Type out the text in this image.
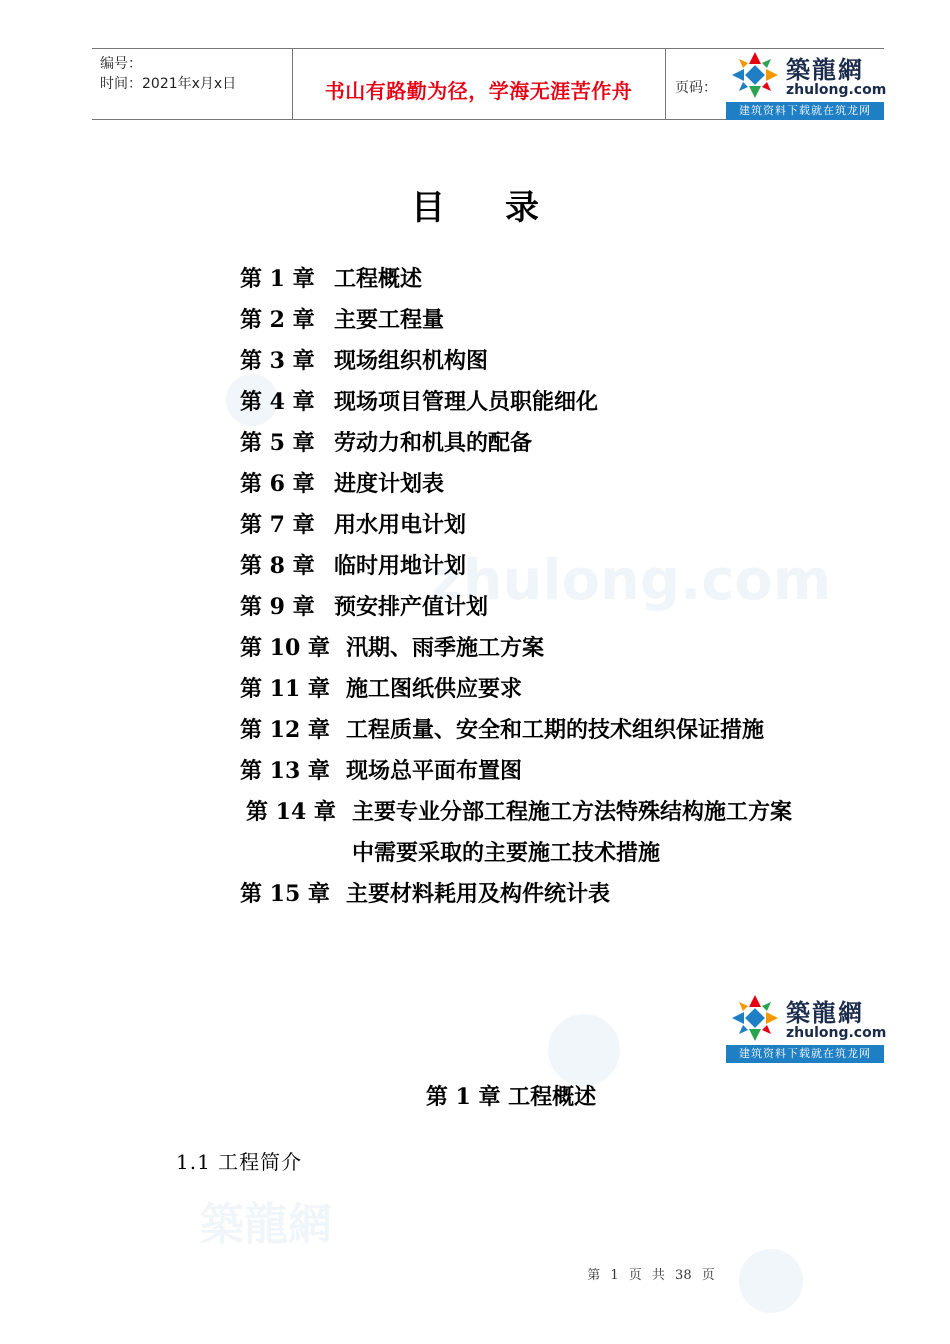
zhulong.com
築龍網
编号：
时间：2021年x月x日	书山有路勤为径，学海无涯苦作舟	页码：
築龍網
zhulong.com
建筑资料下载就在筑龙网
目录
第 1 章 工程概述
第 2 章 主要工程量
第 3 章 现场组织机构图
第 4 章 现场项目管理人员职能细化
第 5 章 劳动力和机具的配备
第 6 章 进度计划表
第 7 章 用水用电计划
第 8 章 临时用地计划
第 9 章 预安排产值计划
第 10 章 汛期、雨季施工方案
第 11 章 施工图纸供应要求
第 12 章 工程质量、安全和工期的技术组织保证措施
第 13 章 现场总平面布置图
第 14 章 主要专业分部工程施工方法特殊结构施工方案
中需要采取的主要施工技术措施
第 15 章 主要材料耗用及构件统计表
築龍網
zhulong.com
建筑资料下载就在筑龙网
第 1 章 工程概述
1.1 工程简介
第 1 页 共 38 页
